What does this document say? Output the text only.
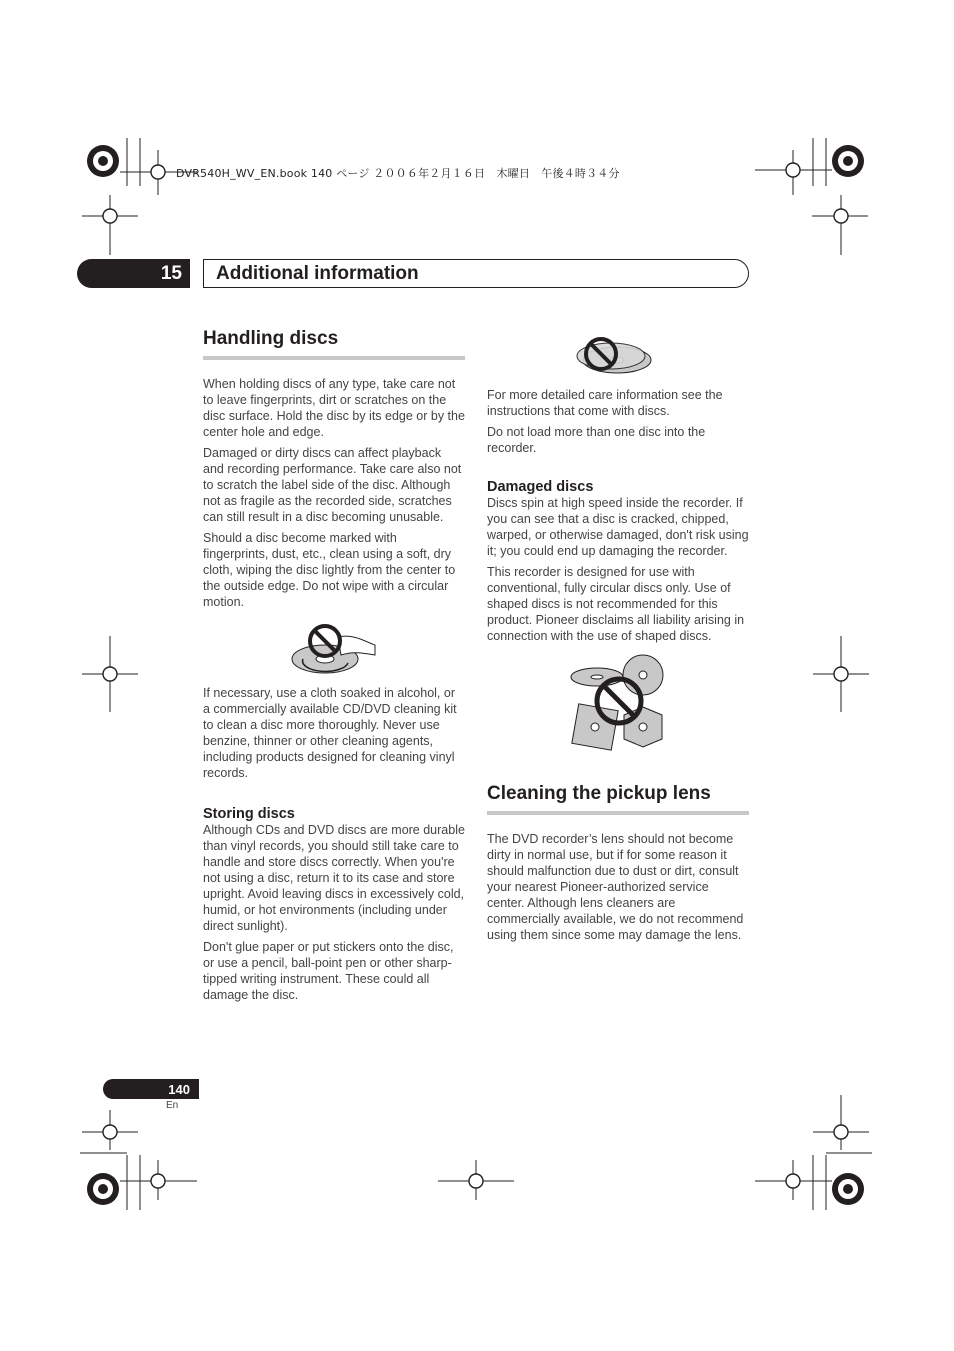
DVR540H_WV_EN.book 140 ページ ２００６年２月１６日　木曜日　午後４時３４分
15	Additional information
Handling discs

When holding discs of any type, take care not to leave fingerprints, dirt or scratches on the disc surface. Hold the disc by its edge or by the center hole and edge.

Damaged or dirty discs can affect playback and recording performance. Take care also not to scratch the label side of the disc. Although not as fragile as the recorded side, scratches can still result in a disc becoming unusable.

Should a disc become marked with fingerprints, dust, etc., clean using a soft, dry cloth, wiping the disc lightly from the center to the outside edge. Do not wipe with a circular motion.

If necessary, use a cloth soaked in alcohol, or a commercially available CD/DVD cleaning kit to clean a disc more thoroughly. Never use benzine, thinner or other cleaning agents, including products designed for cleaning vinyl records.

Storing discs

Although CDs and DVD discs are more durable than vinyl records, you should still take care to handle and store discs correctly. When you're not using a disc, return it to its case and store upright. Avoid leaving discs in excessively cold, humid, or hot environments (including under direct sunlight).

Don't glue paper or put stickers onto the disc, or use a pencil, ball-point pen or other sharp-tipped writing instrument. These could all damage the disc.

For more detailed care information see the instructions that come with discs.

Do not load more than one disc into the recorder.

Damaged discs

Discs spin at high speed inside the recorder. If you can see that a disc is cracked, chipped, warped, or otherwise damaged, don't risk using it; you could end up damaging the recorder.

This recorder is designed for use with conventional, fully circular discs only. Use of shaped discs is not recommended for this product. Pioneer disclaims all liability arising in connection with the use of shaped discs.

Cleaning the pickup lens

The DVD recorder’s lens should not become dirty in normal use, but if for some reason it should malfunction due to dust or dirt, consult your nearest Pioneer-authorized service center. Although lens cleaners are commercially available, we do not recommend using them since some may damage the lens.

140
En
